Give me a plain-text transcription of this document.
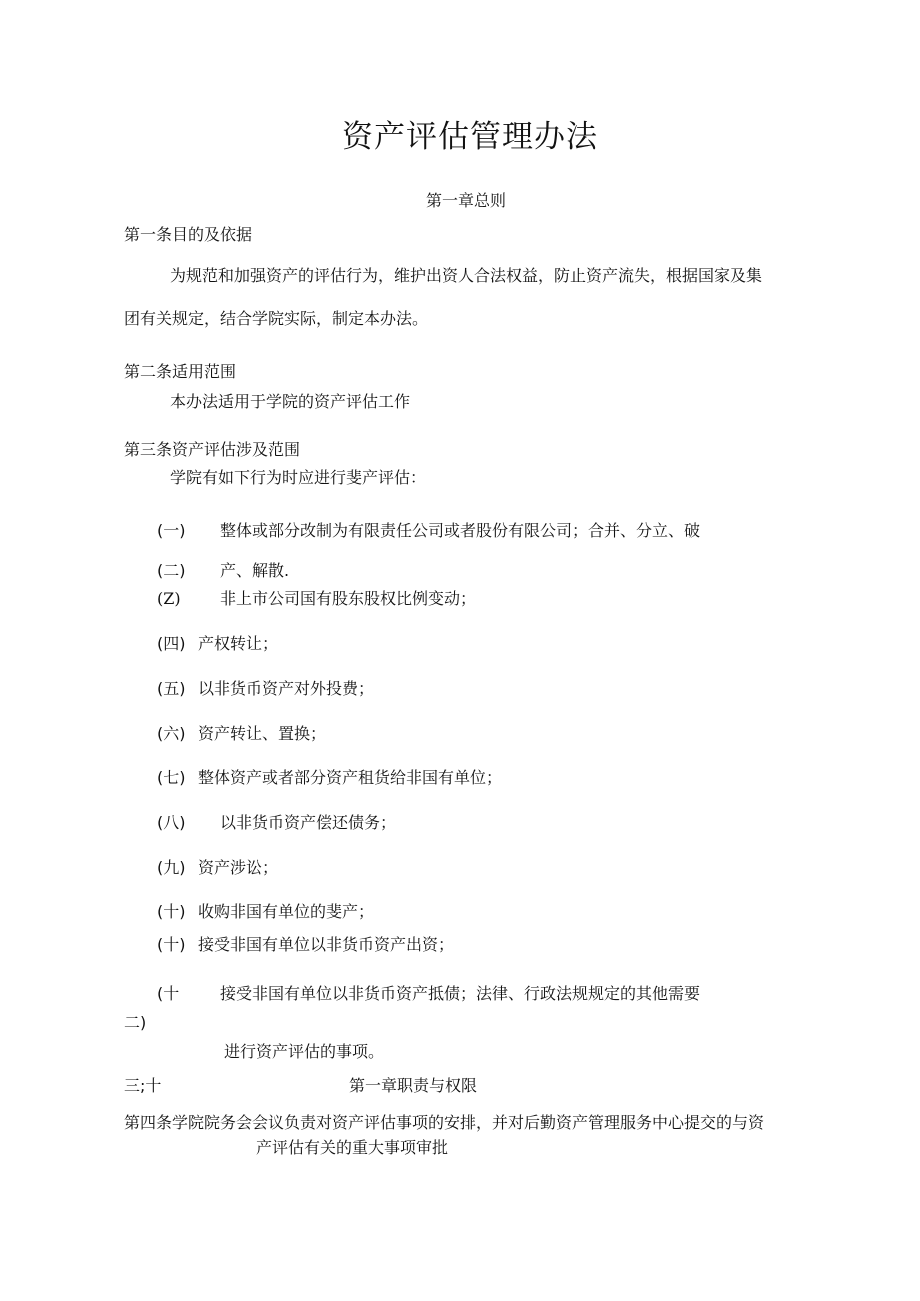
资产评估管理办法
第一章总则
第一条目的及依据
为规范和加强资产的评估行为，维护出资人合法权益，防止资产流失，根据国家及集
团有关规定，结合学院实际，制定本办法。
第二条适用范围
本办法适用于学院的资产评估工作
第三条资产评估涉及范围
学院有如下行为时应进行斐产评估：
(一) 整体或部分改制为有限责任公司或者股份有限公司；合并、分立、破
(二) 产、解散.
(Z) 非上市公司国有股东股权比例变动；
(四) 产权转让；
(五) 以非货币资产对外投费；
(六) 资产转让、置换；
(七) 整体资产或者部分资产租货给非国有单位；
(八) 以非货币资产偿还债务；
(九) 资产涉讼；
(十) 收购非国有单位的斐产；
(十) 接受非国有单位以非货币资产出资；
(十	接受非国有单位以非货币资产抵债；法律、行政法规规定的其他需要
二)
进行资产评估的事项。
三;十	第一章职责与权限
第四条学院院务会会议负责对资产评估事项的安排，并对后勤资产管理服务中心提交的与资
产评估有关的重大事项审批
